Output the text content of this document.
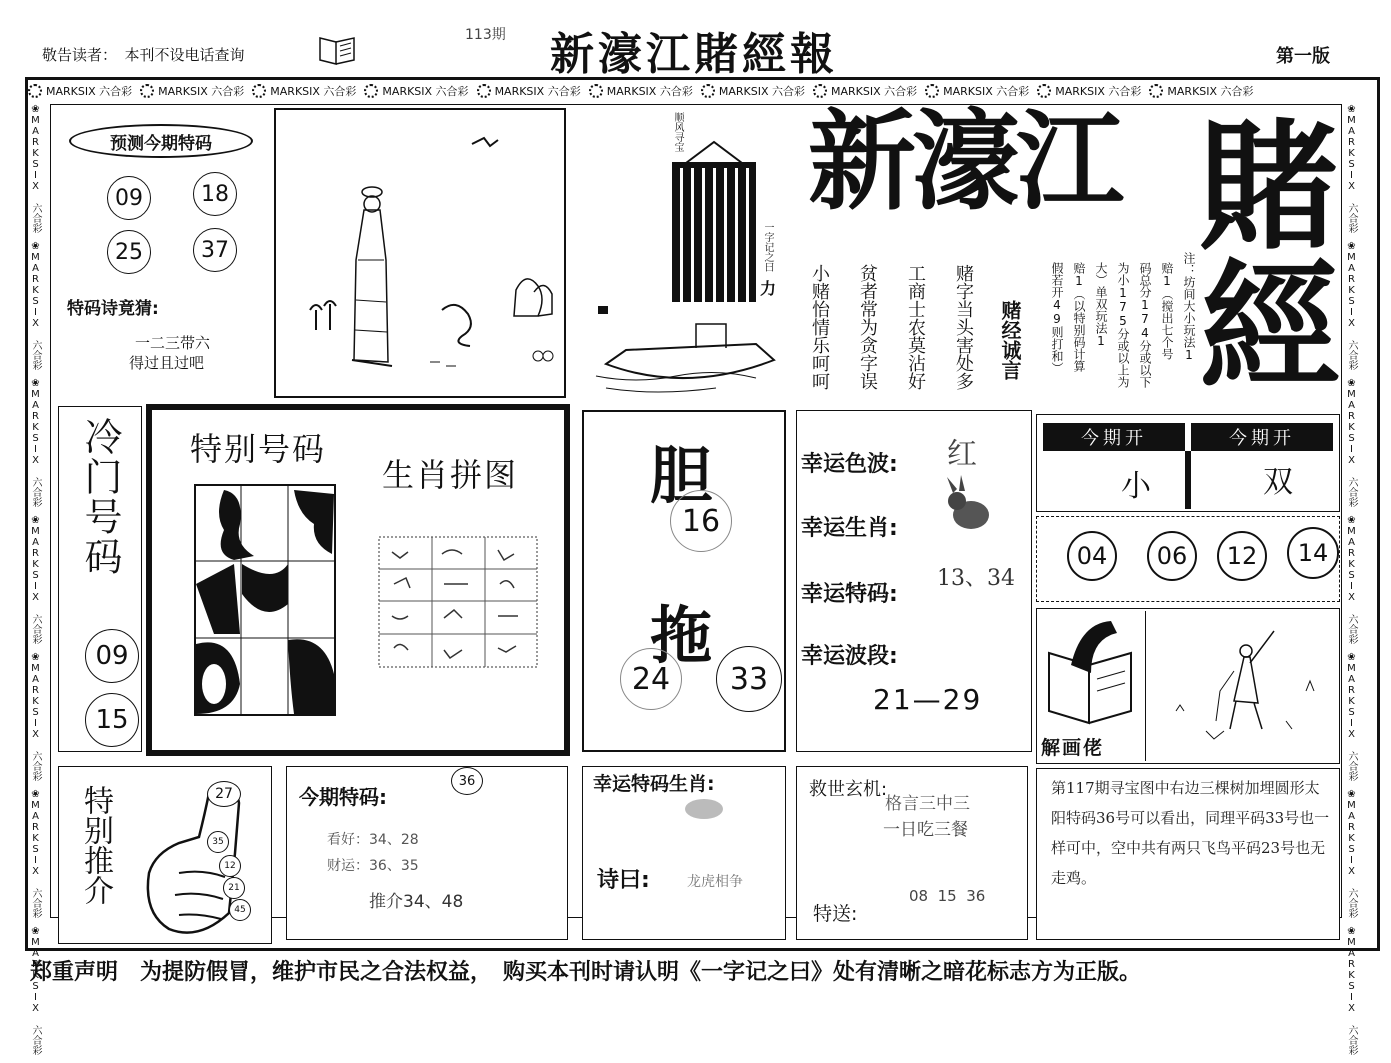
敬告读者：　本刊不设电话查询
113期 新濠江賭經報	第一版
MARKSIX 六合彩 MARKSIX 六合彩 MARKSIX 六合彩 MARKSIX 六合彩 MARKSIX 六合彩 MARKSIX 六合彩 MARKSIX 六合彩 MARKSIX 六合彩 MARKSIX 六合彩 MARKSIX 六合彩 MARKSIX 六合彩
❀MARKSIX 六合彩❀MARKSIX 六合彩❀MARKSIX 六合彩❀MARKSIX 六合彩❀MARKSIX 六合彩❀MARKSIX 六合彩❀MARKSIX 六合彩
❀MARKSIX 六合彩❀MARKSIX 六合彩❀MARKSIX 六合彩❀MARKSIX 六合彩❀MARKSIX 六合彩❀MARKSIX 六合彩❀MARKSIX 六合彩
预测今期特码
09	18
25	37
特码诗竟猜:
一二三带六
得过且过吧
顺风寻宝
一字记之曰
力
新濠江 賭
經
赌经诚言
赌字当头害处多
工商士农莫沾好
贫者常为贪字误
小赌怡情乐呵呵	注：坊间大小玩法1
赔1（搅出七个号
码总分174分或以下
为小175分或以上为
大）单双玩法1
赔1（以特别码计算
假若开49则打和）
冷门号码
09
15
特别号码
生肖拼图 胆
16
拖
24	33
幸运色波: 红
幸运生肖:
幸运特码:
13、34
幸运波段:
21—29
今期开	今期开
小	双
04	06	12	14
解画佬
特别推介	27
35
12
21
45
今期特码:
36
看好：34、28
财运：36、35
推介34、48
幸运特码生肖:
诗曰:	龙虎相争
救世玄机:
格言三中三
一日吃三餐
特送:
08  15  36
第117期寻宝图中右边三棵树加埋圆形太阳特码36号可以看出，同理平码33号也一样可中，空中共有两只飞鸟平码23号也无走鸡。
郑重声明　为提防假冒，维护市民之合法权益，　购买本刊时请认明《一字记之曰》处有清晰之暗花标志方为正版。
